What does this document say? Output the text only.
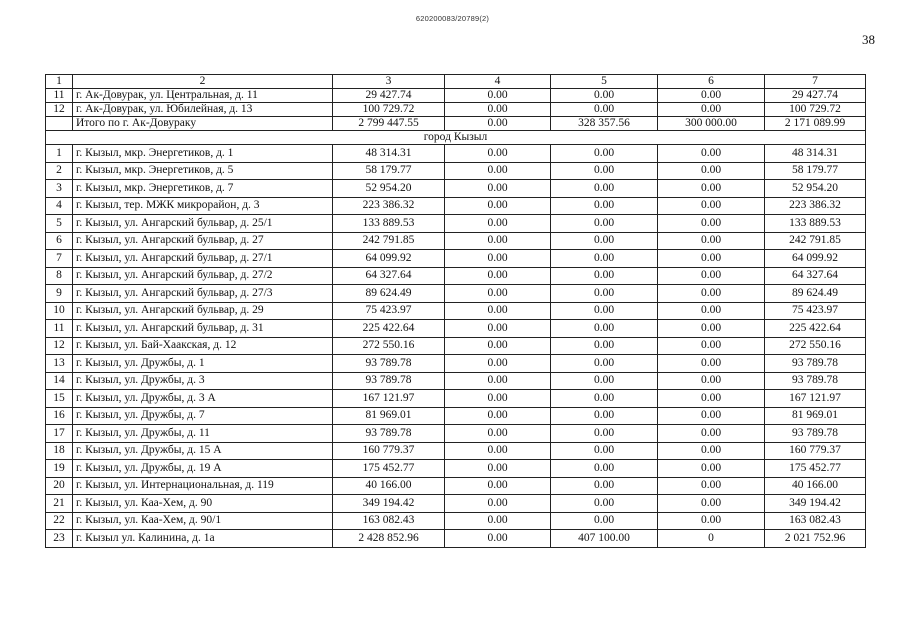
620200083/20789(2)
38
1	2	3	4	5	6	7
11	г. Ак-Довурак, ул. Центральная, д. 11	29 427.74	0.00	0.00	0.00	29 427.74
12	г. Ак-Довурак, ул. Юбилейная, д. 13	100 729.72	0.00	0.00	0.00	100 729.72
	Итого по г. Ак-Довураку	2 799 447.55	0.00	328 357.56	300 000.00	2 171 089.99
город Кызыл						
1	г. Кызыл, мкр. Энергетиков, д. 1	48 314.31	0.00	0.00	0.00	48 314.31
2	г. Кызыл, мкр. Энергетиков, д. 5	58 179.77	0.00	0.00	0.00	58 179.77
3	г. Кызыл, мкр. Энергетиков, д. 7	52 954.20	0.00	0.00	0.00	52 954.20
4	г. Кызыл, тер. МЖК микрорайон, д. 3	223 386.32	0.00	0.00	0.00	223 386.32
5	г. Кызыл, ул. Ангарский бульвар, д. 25/1	133 889.53	0.00	0.00	0.00	133 889.53
6	г. Кызыл, ул. Ангарский бульвар, д. 27	242 791.85	0.00	0.00	0.00	242 791.85
7	г. Кызыл, ул. Ангарский бульвар, д. 27/1	64 099.92	0.00	0.00	0.00	64 099.92
8	г. Кызыл, ул. Ангарский бульвар, д. 27/2	64 327.64	0.00	0.00	0.00	64 327.64
9	г. Кызыл, ул. Ангарский бульвар, д. 27/3	89 624.49	0.00	0.00	0.00	89 624.49
10	г. Кызыл, ул. Ангарский бульвар, д. 29	75 423.97	0.00	0.00	0.00	75 423.97
11	г. Кызыл, ул. Ангарский бульвар, д. 31	225 422.64	0.00	0.00	0.00	225 422.64
12	г. Кызыл, ул. Бай-Хаакская, д. 12	272 550.16	0.00	0.00	0.00	272 550.16
13	г. Кызыл, ул. Дружбы, д. 1	93 789.78	0.00	0.00	0.00	93 789.78
14	г. Кызыл, ул. Дружбы, д. 3	93 789.78	0.00	0.00	0.00	93 789.78
15	г. Кызыл, ул. Дружбы, д. 3 А	167 121.97	0.00	0.00	0.00	167 121.97
16	г. Кызыл, ул. Дружбы, д. 7	81 969.01	0.00	0.00	0.00	81 969.01
17	г. Кызыл, ул. Дружбы, д. 11	93 789.78	0.00	0.00	0.00	93 789.78
18	г. Кызыл, ул. Дружбы, д. 15 А	160 779.37	0.00	0.00	0.00	160 779.37
19	г. Кызыл, ул. Дружбы, д. 19 А	175 452.77	0.00	0.00	0.00	175 452.77
20	г. Кызыл, ул. Интернациональная, д. 119	40 166.00	0.00	0.00	0.00	40 166.00
21	г. Кызыл, ул. Каа-Хем, д. 90	349 194.42	0.00	0.00	0.00	349 194.42
22	г. Кызыл, ул. Каа-Хем, д. 90/1	163 082.43	0.00	0.00	0.00	163 082.43
23	г. Кызыл ул. Калинина, д. 1а	2 428 852.96	0.00	407 100.00	0	2 021 752.96
